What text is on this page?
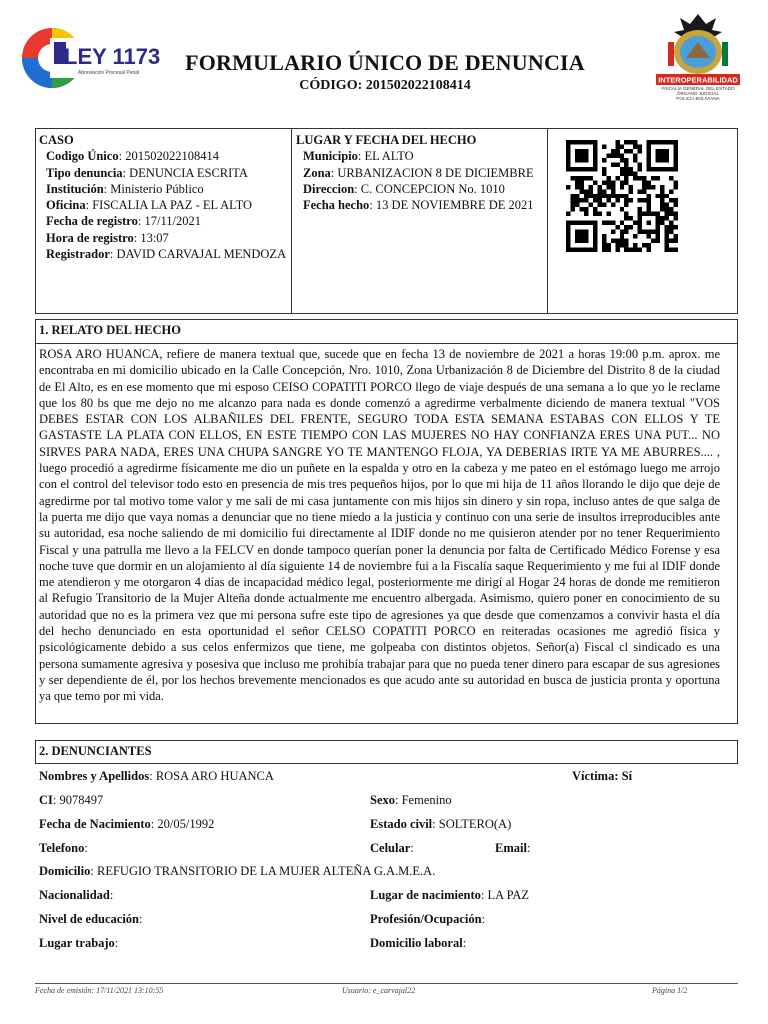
LEY 1173
Abreviación Procesal Penal	FORMULARIO ÚNICO DE DENUNCIA
CÓDIGO: 201502022108414	INTEROPERABILIDAD
FISCALÍA GENERAL DEL ESTADO
ÓRGANO JUDICIAL
POLICÍA BOLIVIANA
CASO
Codigo Único: 201502022108414
Tipo denuncia: DENUNCIA ESCRITA
Institución: Ministerio Público
Oficina: FISCALIA LA PAZ - EL ALTO
Fecha de registro: 17/11/2021
Hora de registro: 13:07
Registrador: DAVID CARVAJAL MENDOZA
LUGAR Y FECHA DEL HECHO
Municipio: EL ALTO
Zona: URBANIZACION 8 DE DICIEMBRE
Direccion: C. CONCEPCION No. 1010
Fecha hecho: 13 DE NOVIEMBRE DE 2021
1. RELATO DEL HECHO
ROSA ARO HUANCA, refiere de manera textual que, sucede que en fecha 13 de noviembre de 2021 a horas 19:00 p.m. aprox. me encontraba en mi domicilio ubicado en la Calle Concepción, Nro. 1010, Zona Urbanización 8 de Diciembre del Distrito 8 de la ciudad de El Alto, es en ese momento que mi esposo CEISO COPATITI PORCO llego de viaje después de una semana a lo que yo le reclame que los 80 bs que me dejo no me alcanzo para nada es donde comenzó a agredirme verbalmente diciendo de manera textual "VOS DEBES ESTAR CON LOS ALBAÑILES DEL FRENTE, SEGURO TODA ESTA SEMANA ESTABAS CON ELLOS Y TE GASTASTE LA PLATA CON ELLOS, EN ESTE TIEMPO CON LAS MUJERES NO HAY CONFIANZA ERES UNA PUT... NO SIRVES PARA NADA, ERES UNA CHUPA SANGRE YO TE MANTENGO FLOJA, YA DEBERIAS IRTE YA ME ABURRES.... , luego procedió a agredirme físicamente me dio un puñete en la espalda y otro en la cabeza y me pateo en el estómago luego me arrojo con el control del televisor todo esto en presencia de mis tres pequeños hijos, por lo que mi hija de 11 años llorando le dijo que deje de agredirme por tal motivo tome valor y me sali de mi casa juntamente con mis hijos sin dinero y sin ropa, incluso antes de que salga de la puerta me dijo que vaya nomas a denunciar que no tiene miedo a la justicia y continuo con una serie de insultos irreproducibles ante su autoridad, esa noche saliendo de mi domicilio fui directamente al IDIF donde no me quisieron atender por no tener Requerimiento Fiscal y una patrulla me llevo a la FELCV en donde tampoco querían poner la denuncia por falta de Certificado Médico Forense y esa noche tuve que dormir en un alojamiento al día siguiente 14 de noviembre fui a la Fiscalía saque Requerimiento y me fui al IDIF donde me atendieron y me otorgaron 4 días de incapacidad médico legal, posteriormente me dirigí al Hogar 24 horas de donde me remitieron al Refugio Transitorio de la Mujer Alteña donde actualmente me encuentro albergada. Asimismo, quiero poner en conocimiento de su autoridad que no es la primera vez que mi persona sufre este tipo de agresiones ya que desde que comenzamos a convivir hasta el día del hecho denunciado en esta oportunidad el señor CELSO COPATITI PORCO en reiteradas ocasiones me agredió física y psicológicamente debido a sus celos enfermizos que tiene, me golpeaba con distintos objetos. Señor(a) Fiscal cl sindicado es una persona sumamente agresiva y posesiva que incluso me prohibía trabajar para que no pueda tener dinero para escapar de sus agresiones y ser dependiente de él, por los hechos brevemente mencionados es que acudo ante su autoridad en busca de justicia pronta y oportuna ya que temo por mi vida.
2. DENUNCIANTES
Nombres y Apellidos: ROSA ARO HUANCA	Víctima: Sí
CI: 9078497	Sexo: Femenino
Fecha de Nacimiento: 20/05/1992	Estado civil: SOLTERO(A)
Telefono:	Celular:	Email:
Domicilio: REFUGIO TRANSITORIO DE LA MUJER ALTEÑA G.A.M.E.A.
Nacionalidad:	Lugar de nacimiento: LA PAZ
Nivel de educación:	Profesión/Ocupación:
Lugar trabajo:	Domicilio laboral:
Fecha de emisión: 17/11/2021 13:10:55	Usuario: e_carvajal22	Página 1/2
